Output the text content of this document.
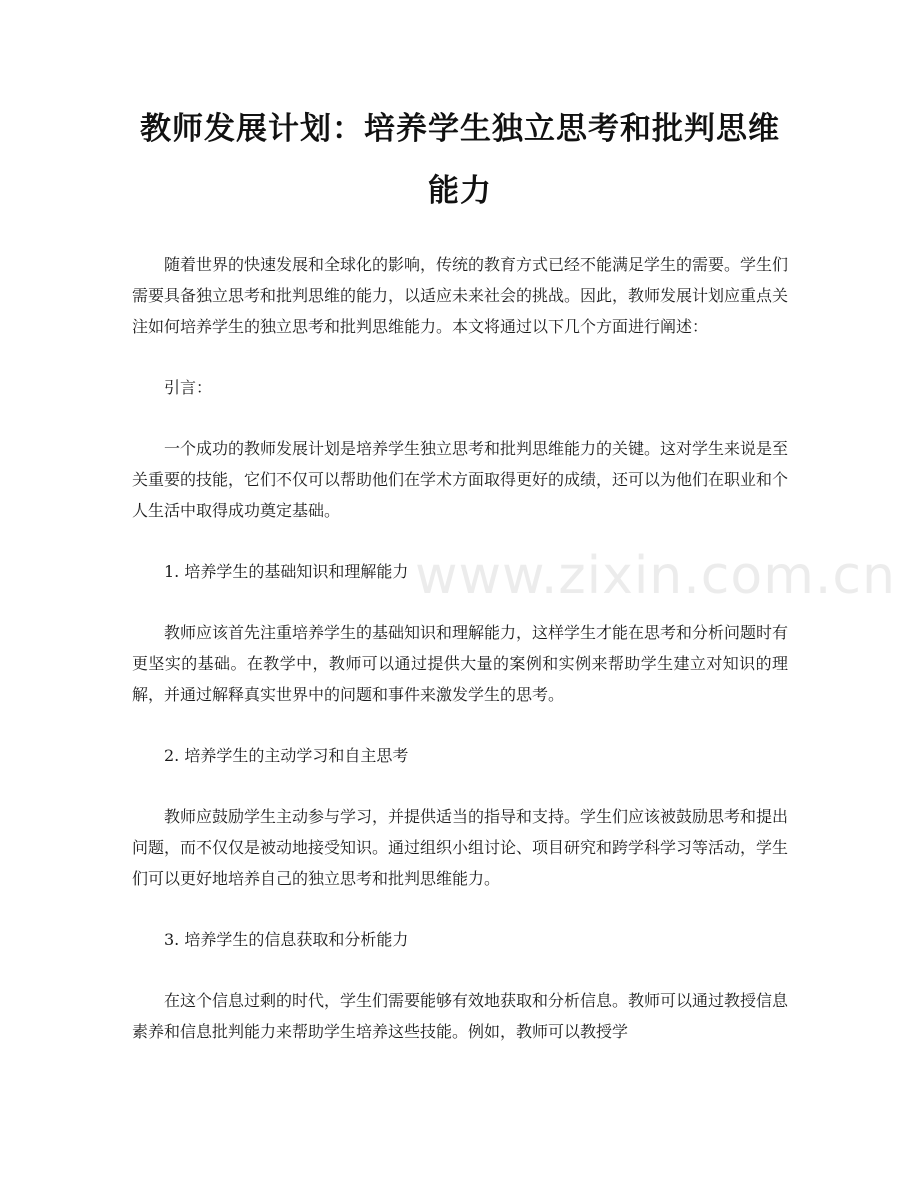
教师发展计划：培养学生独立思考和批判思维能力

随着世界的快速发展和全球化的影响，传统的教育方式已经不能满足学生的需要。学生们需要具备独立思考和批判思维的能力，以适应未来社会的挑战。因此，教师发展计划应重点关注如何培养学生的独立思考和批判思维能力。本文将通过以下几个方面进行阐述：

引言：

一个成功的教师发展计划是培养学生独立思考和批判思维能力的关键。这对学生来说是至关重要的技能，它们不仅可以帮助他们在学术方面取得更好的成绩，还可以为他们在职业和个人生活中取得成功奠定基础。

1. 培养学生的基础知识和理解能力

教师应该首先注重培养学生的基础知识和理解能力，这样学生才能在思考和分析问题时有更坚实的基础。在教学中，教师可以通过提供大量的案例和实例来帮助学生建立对知识的理解，并通过解释真实世界中的问题和事件来激发学生的思考。

2. 培养学生的主动学习和自主思考

教师应鼓励学生主动参与学习，并提供适当的指导和支持。学生们应该被鼓励思考和提出问题，而不仅仅是被动地接受知识。通过组织小组讨论、项目研究和跨学科学习等活动，学生们可以更好地培养自己的独立思考和批判思维能力。

3. 培养学生的信息获取和分析能力

在这个信息过剩的时代，学生们需要能够有效地获取和分析信息。教师可以通过教授信息素养和信息批判能力来帮助学生培养这些技能。例如，教师可以教授学

www.zixin.com.cn
